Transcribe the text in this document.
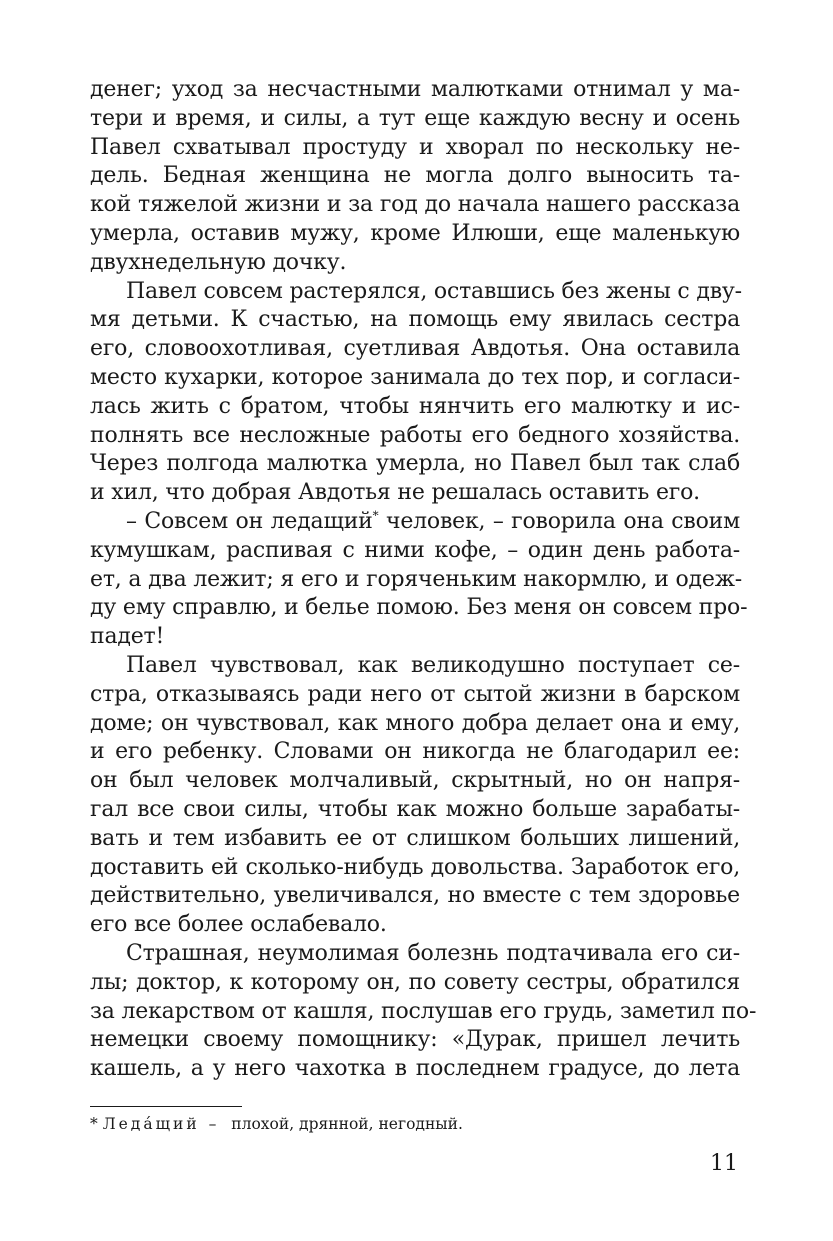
денег; уход за несчастными малютками отнимал у ма-
тери и время, и силы, а тут еще каждую весну и осень
Павел схватывал простуду и хворал по нескольку не-
дель. Бедная женщина не могла долго выносить та-
кой тяжелой жизни и за год до начала нашего рассказа
умерла, оставив мужу, кроме Илюши, еще маленькую
двухнедельную дочку.
Павел совсем растерялся, оставшись без жены с дву-
мя детьми. К счастью, на помощь ему явилась сестра
его, словоохотливая, суетливая Авдотья. Она оставила
место кухарки, которое занимала до тех пор, и согласи-
лась жить с братом, чтобы нянчить его малютку и ис-
полнять все несложные работы его бедного хозяйства.
Через полгода малютка умерла, но Павел был так слаб
и хил, что добрая Авдотья не решалась оставить его.
– Совсем он ледащий* человек, – говорила она своим
кумушкам, распивая с ними кофе, – один день работа-
ет, а два лежит; я его и горяченьким накормлю, и одеж-
ду ему справлю, и белье помою. Без меня он совсем про-
падет!
Павел чувствовал, как великодушно поступает се-
стра, отказываясь ради него от сытой жизни в барском
доме; он чувствовал, как много добра делает она и ему,
и его ребенку. Словами он никогда не благодарил ее:
он был человек молчаливый, скрытный, но он напря-
гал все свои силы, чтобы как можно больше зарабаты-
вать и тем избавить ее от слишком больших лишений,
доставить ей сколько-нибудь довольства. Заработок его,
действительно, увеличивался, но вместе с тем здоровье
его все более ослабевало.
Страшная, неумолимая болезнь подтачивала его си-
лы; доктор, к которому он, по совету сестры, обратился
за лекарством от кашля, послушав его грудь, заметил по-
немецки своему помощнику: «Дурак, пришел лечить
кашель, а у него чахотка в последнем градусе, до лета
* Леда́щий – плохой, дрянной, негодный.
11
